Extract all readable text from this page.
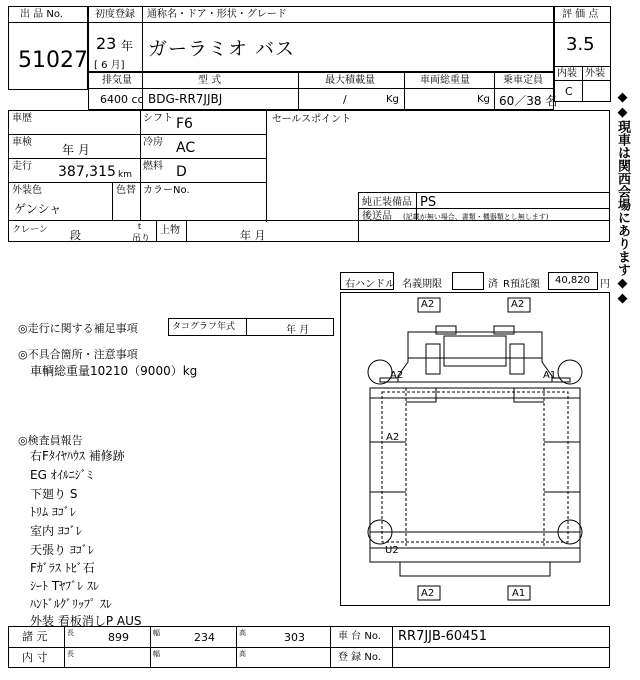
出 品 No.
51027
初度登録 通称名・ドア・形状・グレード
23 年
[ 6 月]
ガーラミオ バス
評 価 点
3.5
内装 外装
C
排気量	型 式	最大積載量	車両総重量	乗車定員
6400 cc BDG-RR7JJBJ	/	Kg	Kg 60／38 名
車歴	シフト F6	セールスポイント
車検
年 月
冷房 AC
走行 387,315 km
燃料 D
外装色
ゲンシャ
色替 カラーNo.
純正装備品 PS
後送品 (記載が無い場合、書類・機器類とし無します)
クレーン 段
t
吊り
上物	年 月
右ハンドル 名義期限	済 R預託額 40,820 円
◎走行に関する補足事項	タコグラフ年式	年 月
◎不具合箇所・注意事項
車輌総重量10210（9000）kg
◎検査員報告
右Fﾀｲﾔﾊｳｽ 補修跡
EG ｵｲﾙﾆｼﾞﾐ
下廻り S
ﾄﾘﾑ ﾖｺﾞﾚ
室内 ﾖｺﾞﾚ
天張り ﾖｺﾞﾚ
Fｶﾞﾗｽ ﾄﾋﾞ石
ｼｰﾄ Tﾔﾌﾞﾚ ｽﾚ
ﾊﾝﾄﾞﾙｸﾞﾘｯﾌﾟ ｽﾚ
外装 看板消しP AUS
A2	A2
A2	A1
A2
U2
A2	A1
◆◆現車は関西会場にあります◆◆
諸 元
内 寸
長	899	幅	234	高	303
長	幅	高
車 台 No. RR7JJB-60451
登 録 No.
